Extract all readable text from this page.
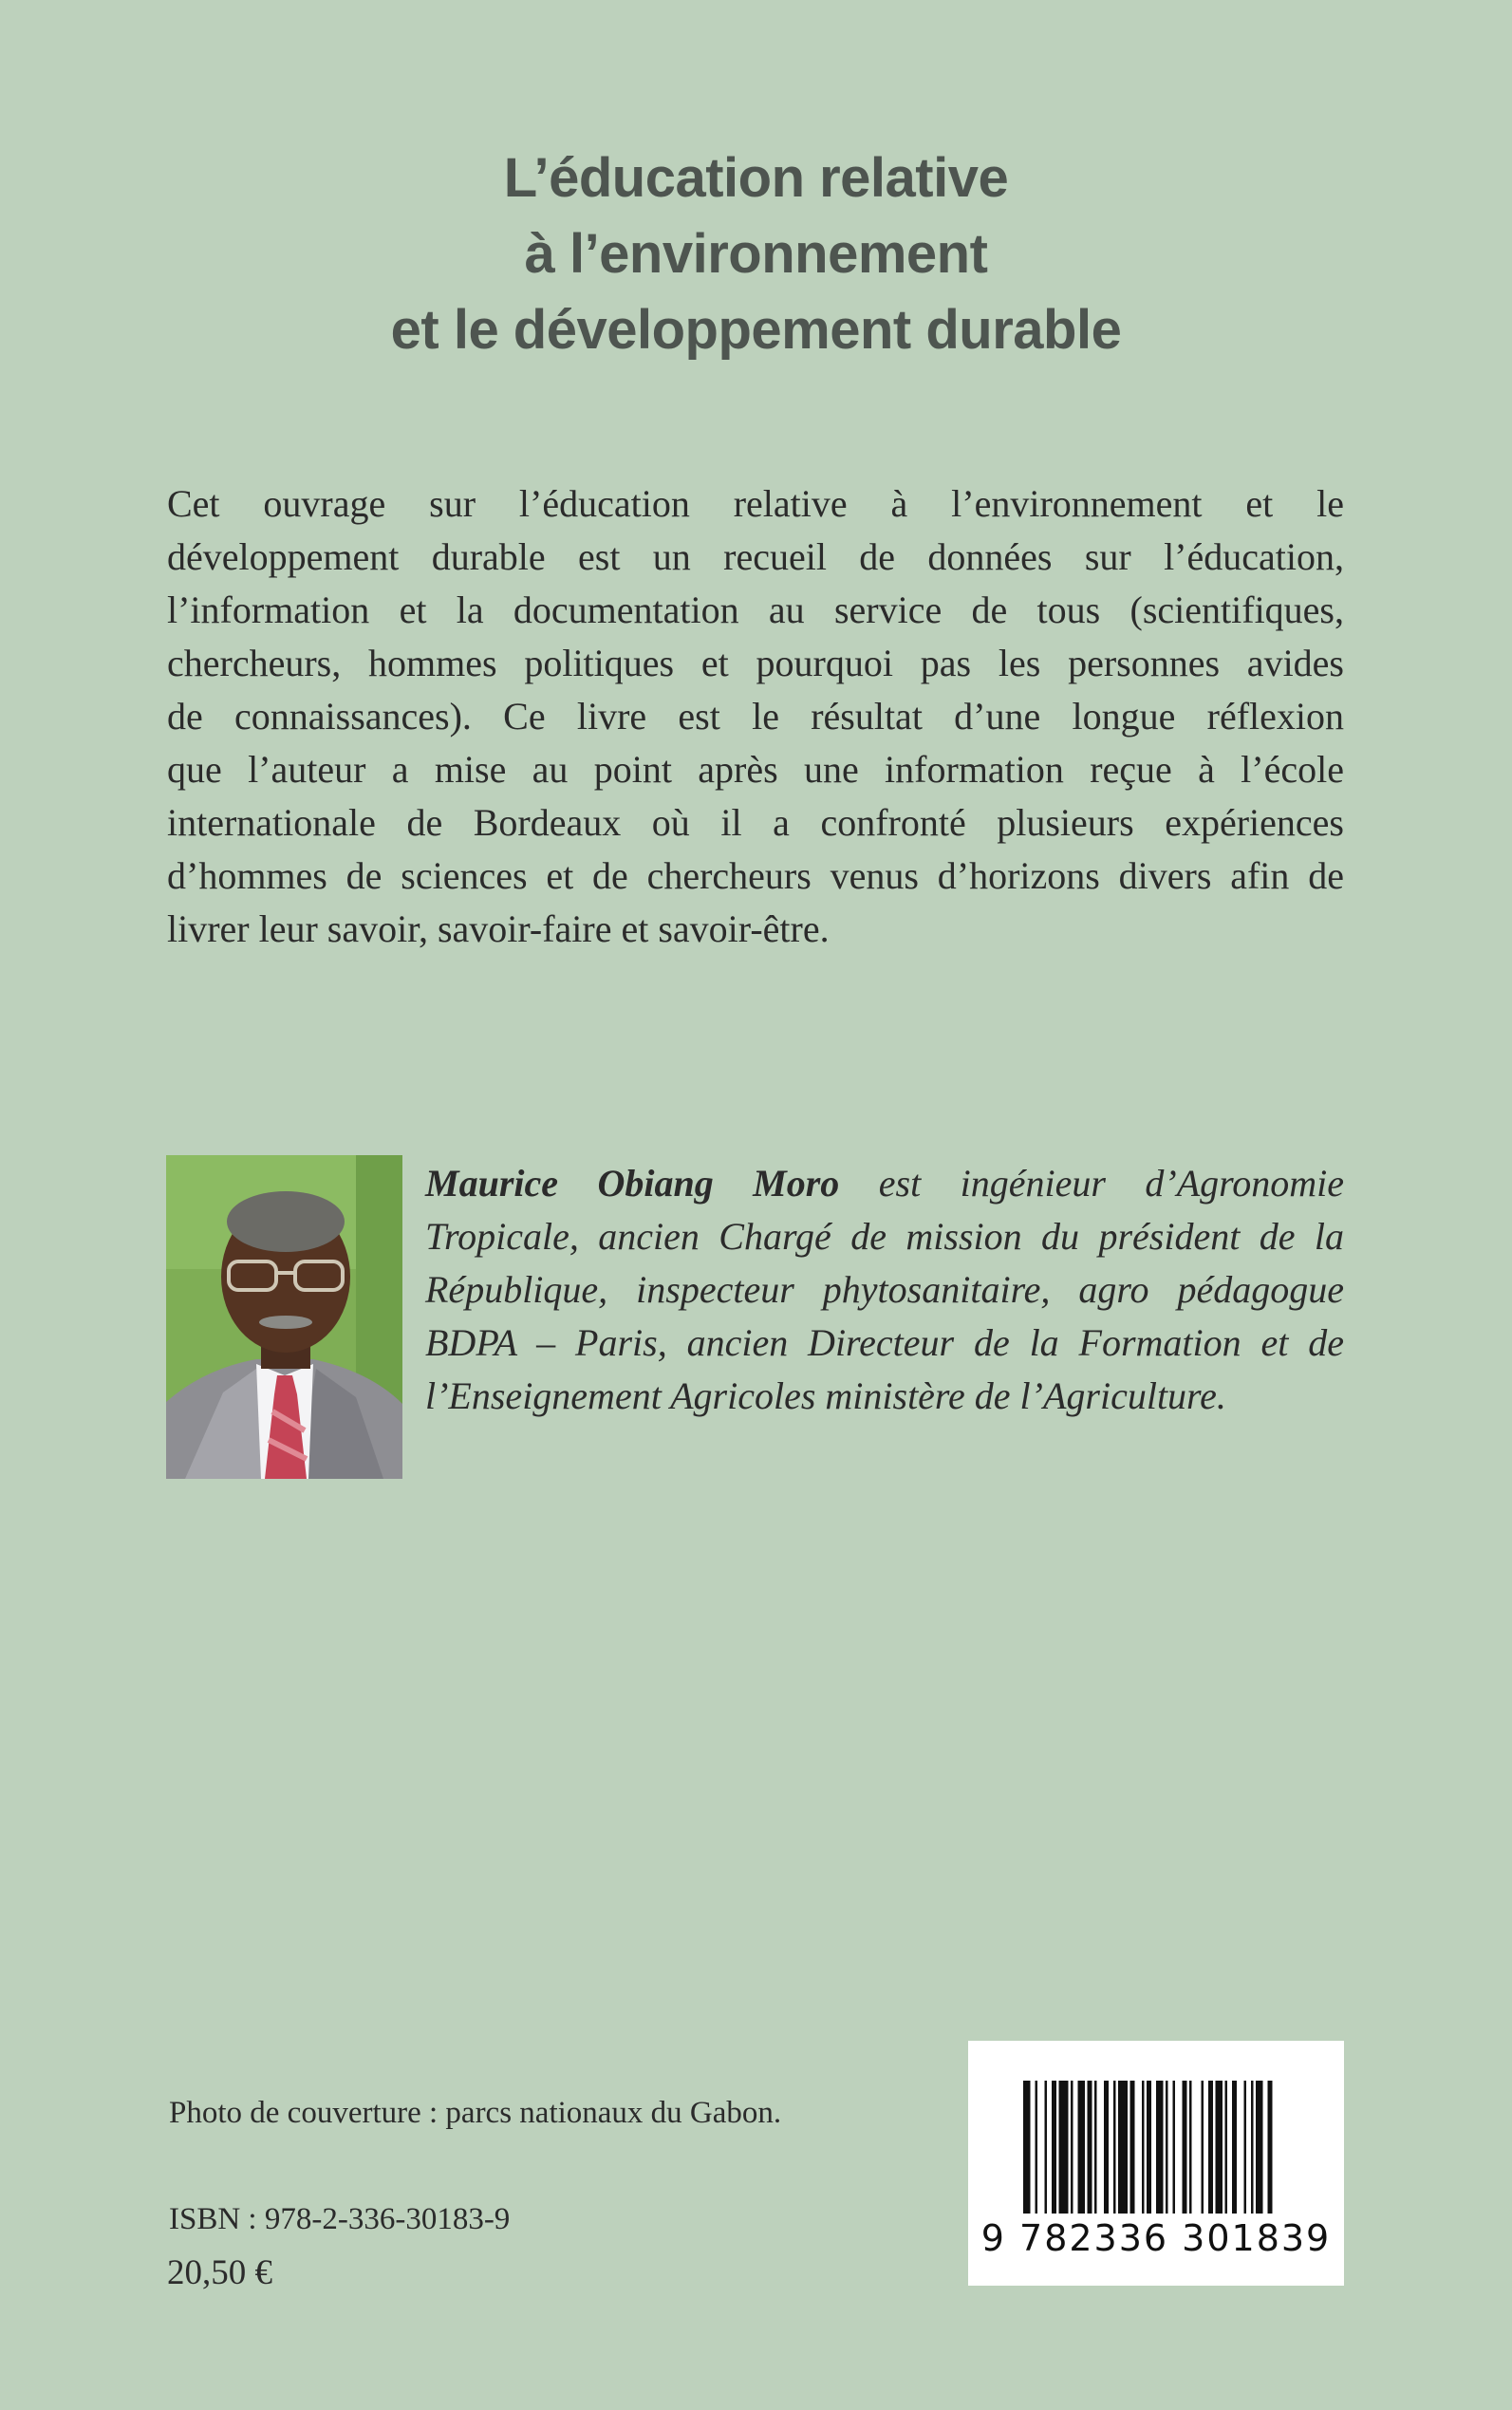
L’éducation relative
à l’environnement
et le développement durable
Cet ouvrage sur l’éducation relative à l’environnement et le
développement durable est un recueil de données sur l’éducation,
l’information et la documentation au service de tous (scientifiques,
chercheurs, hommes politiques et pourquoi pas les personnes avides
de connaissances). Ce livre est le résultat d’une longue réflexion
que l’auteur a mise au point après une information reçue à l’école
internationale de Bordeaux où il a confronté plusieurs expériences
d’hommes de sciences et de chercheurs venus d’horizons divers afin de
livrer leur savoir, savoir-faire et savoir-être.
Maurice Obiang Moro est ingénieur d’Agronomie
Tropicale, ancien Chargé de mission du président de la
République, inspecteur phytosanitaire, agro pédagogue
BDPA – Paris, ancien Directeur de la Formation et de
l’Enseignement Agricoles ministère de l’Agriculture.
Photo de couverture : parcs nationaux du Gabon.
ISBN : 978-2-336-30183-9
20,50 €
9 782336 301839
